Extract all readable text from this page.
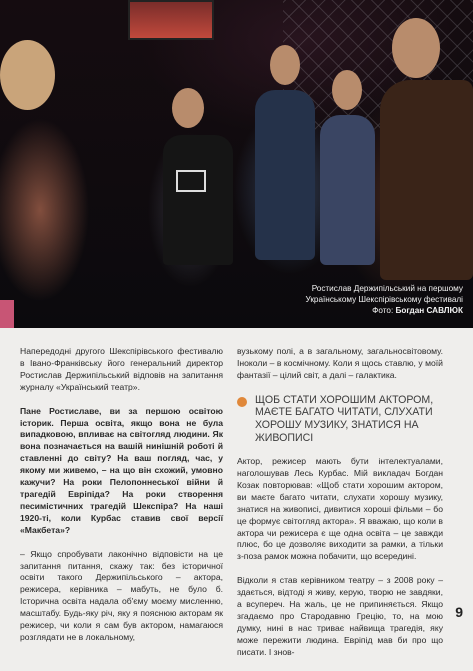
Ростислав Держипільський на першому
Українському Шекспірівському фестивалі
Фото: Богдан САВЛЮК

Напередодні другого Шекспірівського фестивалю в Івано-Франківську його генеральний директор Ростислав Держипільський відповів на запитання журналу «Український театр».

Пане Ростиславе, ви за першою освітою історик. Перша освіта, якщо вона не була випадковою, впливає на світогляд людини. Як вона позначається на вашій нинішній роботі й ставленні до світу? На ваш погляд, час, у якому ми живемо, – на що він схожий, умовно кажучи? На роки Пелопоннеської війни й трагедій Евріпіда? На роки створення песимістичних трагедій Шекспіра? На наші 1920-ті, коли Курбас ставив свої версії «Макбета»?

– Якщо спробувати лаконічно відповісти на це запитання питання, скажу так: без історичної освіти такого Держипільського – актора, режисера, керівника – мабуть, не було б. Історична освіта надала об'єму моєму мисленню, масштабу. Будь-яку річ, яку я пояснюю акторам як режисер, чи коли я сам був актором, намагаюся розглядати не в локальному,

вузькому полі, а в загальному, загальносвітовому. Іноколи – в космічному. Коли я щось ставлю, у моїй фантазії – цілий світ, а далі – галактика.

ЩОБ СТАТИ ХОРОШИМ АКТОРОМ, МАЄТЕ БАГАТО ЧИТАТИ, СЛУХАТИ ХОРОШУ МУЗИКУ, ЗНАТИСЯ НА ЖИВОПИСІ

Актор, режисер мають бути інтелектуалами, наголошував Лесь Курбас. Мій викладач Богдан Козак повторював: «Щоб стати хорошим актором, ви маєте багато читати, слухати хорошу музику, знатися на живописі, дивитися хороші фільми – бо це формує світогляд актора». Я вважаю, що коли в актора чи режисера є ще одна освіта – це завжди плюс, бо це дозволяє виходити за рамки, а тільки з-поза рамок можна побачити, що всередині.

Відколи я став керівником театру – з 2008 року – здається, відтоді я живу, керую, творю не завдяки, а всупереч. На жаль, це не припиняється. Якщо згадаємо про Стародавню Грецію, то, на мою думку, нині в нас триває найвища трагедія, яку може пережити людина. Евріпід мав би про що писати. І знов-

9
